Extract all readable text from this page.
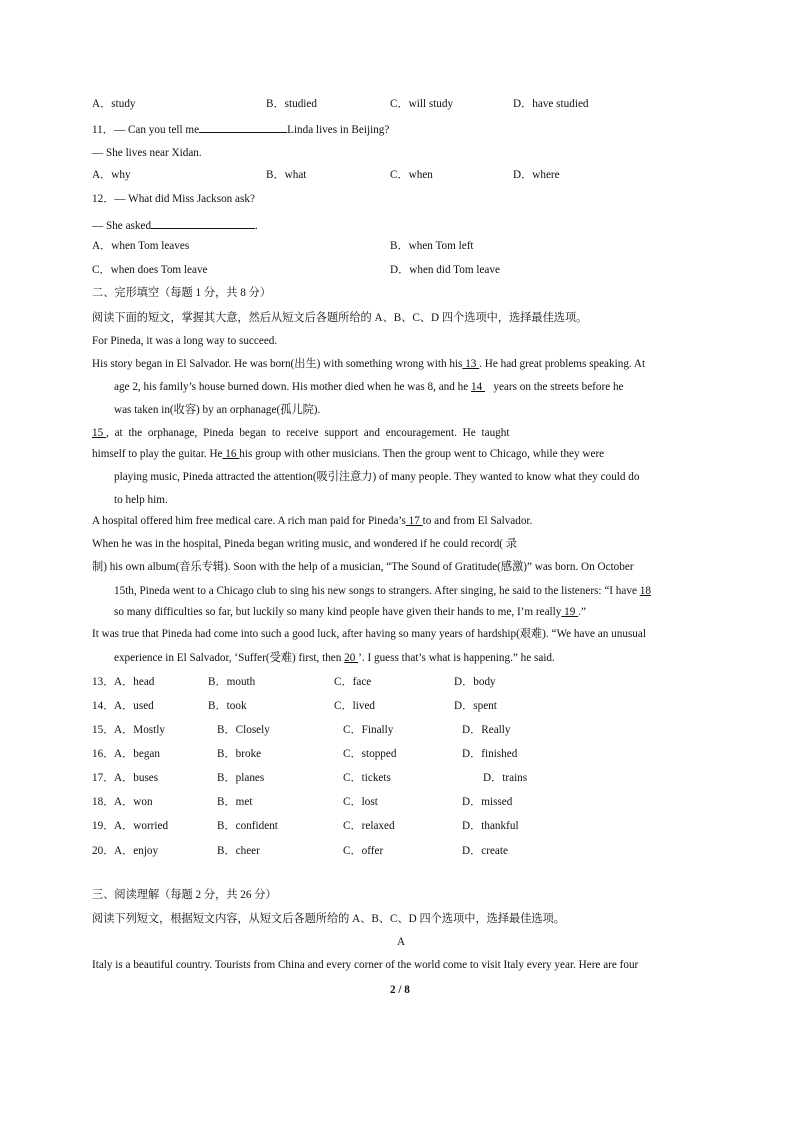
A．study	B．studied	C．will study	D．have studied
11．— Can you tell me	Linda lives in Beijing?
— She lives near Xidan.
A．why	B．what	C．when	D．where
12．— What did Miss Jackson ask?
— She asked	.
A．when Tom leaves	B．when Tom left
C．when does Tom leave	D．when did Tom leave
二、完形填空（每题 1 分，共 8 分）
阅读下面的短文，掌握其大意，然后从短文后各题所给的 A、B、C、D 四个选项中，选择最佳选项。
For Pineda, it was a long way to succeed.
His story began in El Salvador. He was born(出生) with something wrong with his 13 . He had great problems speaking. At
age 2, his family’s house burned down. His mother died when he was 8, and he 14    years on the streets before he
was taken in(收容) by an orphanage(孤儿院).
15 , at the orphanage, Pineda began to receive support and encouragement. He taught
himself to play the guitar. He 16 his group with other musicians. Then the group went to Chicago, while they were
playing music, Pineda attracted the attention(吸引注意力) of many people. They wanted to know what they could do
to help him.
A hospital offered him free medical care. A rich man paid for Pineda’s 17 to and from El Salvador.
When he was in the hospital, Pineda began writing music, and wondered if he could record( 录
制) his own album(音乐专辑). Soon with the help of a musician, “The Sound of Gratitude(感激)” was born. On October
15th, Pineda went to a Chicago club to sing his new songs to strangers. After singing, he said to the listeners: “I have 18
so many difficulties so far, but luckily so many kind people have given their hands to me, I’m really 19 .”
It was true that Pineda had come into such a good luck, after having so many years of hardship(艰难). “We have an unusual
experience in El Salvador, ‘Suffer(受难) first, then 20 ’. I guess that’s what is happening.” he said.
13． A．head	B．mouth	C．face	D．body
14． A．used	B．took	C．lived	D．spent
15． A．Mostly	B．Closely	C．Finally	D．Really
16． A．began	B．broke	C．stopped	D．finished
17． A．buses	B．planes	C．tickets	D．trains
18． A．won	B．met	C．lost	D．missed
19． A．worried	B．confident	C．relaxed	D．thankful
20． A．enjoy	B．cheer	C．offer	D．create
三、阅读理解（每题 2 分，共 26 分）
阅读下列短文，根据短文内容，从短文后各题所给的 A、B、C、D 四个选项中，选择最佳选项。
A
Italy is a beautiful country. Tourists from China and every corner of the world come to visit Italy every year. Here are four
2 / 8
